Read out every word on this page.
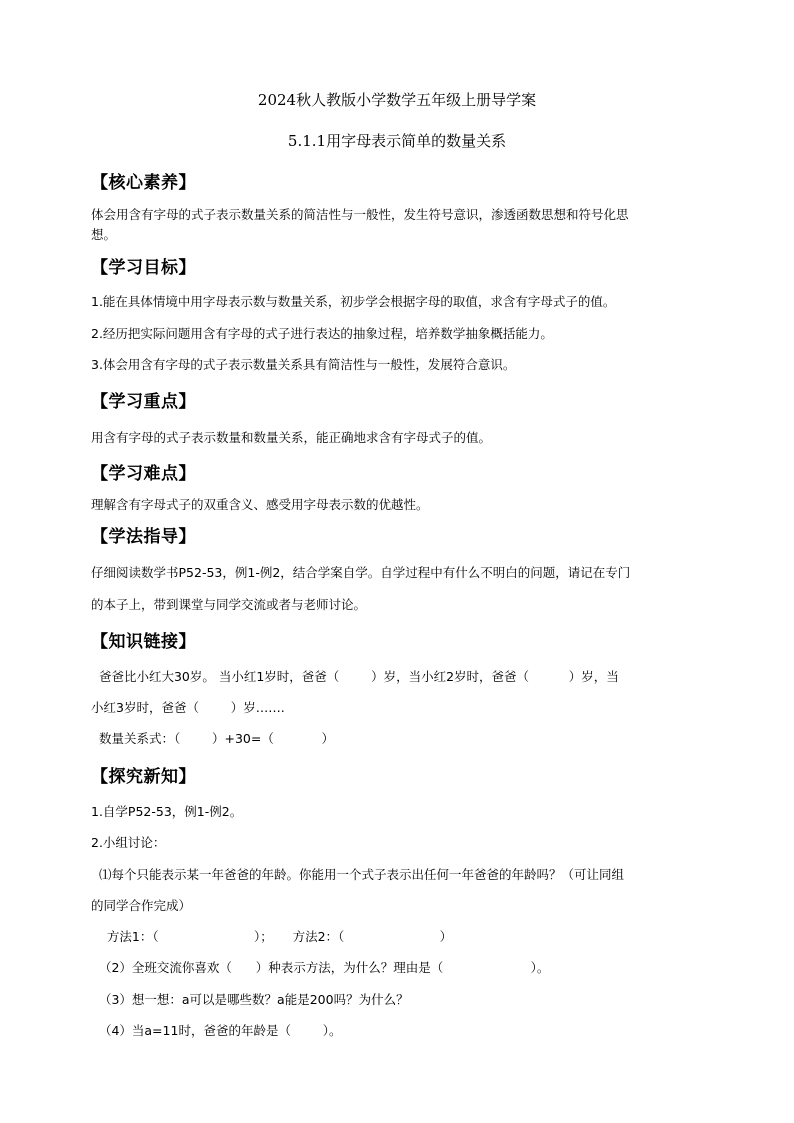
2024秋人教版小学数学五年级上册导学案
5.1.1用字母表示简单的数量关系
【核心素养】
体会用含有字母的式子表示数量关系的简洁性与一般性，发生符号意识，渗透函数思想和符号化思
想。
【学习目标】
1.能在具体情境中用字母表示数与数量关系，初步学会根据字母的取值，求含有字母式子的值。
2.经历把实际问题用含有字母的式子进行表达的抽象过程，培养数学抽象概括能力。
3.体会用含有字母的式子表示数量关系具有简洁性与一般性，发展符合意识。
【学习重点】
用含有字母的式子表示数量和数量关系，能正确地求含有字母式子的值。
【学习难点】
理解含有字母式子的双重含义、感受用字母表示数的优越性。
【学法指导】
仔细阅读数学书P52-53，例1-例2，结合学案自学。自学过程中有什么不明白的问题，请记在专门
的本子上，带到课堂与同学交流或者与老师讨论。
【知识链接】
爸爸比小红大30岁。 当小红1岁时，爸爸（        ）岁，当小红2岁时，爸爸（          ）岁，当
小红3岁时，爸爸（        ）岁…….
数量关系式：（        ）+30=（            ）
【探究新知】
1.自学P52-53，例1-例2。
2.小组讨论：
⑴每个只能表示某一年爸爸的年龄。你能用一个式子表示出任何一年爸爸的年龄吗？（可让同组
的同学合作完成）
方法1：（                        ）；     方法2：（                        ）
（2）全班交流你喜欢（      ）种表示方法，为什么？理由是（                      ）。
（3）想一想：a可以是哪些数？a能是200吗？为什么？
（4）当a=11时，爸爸的年龄是（        ）。
